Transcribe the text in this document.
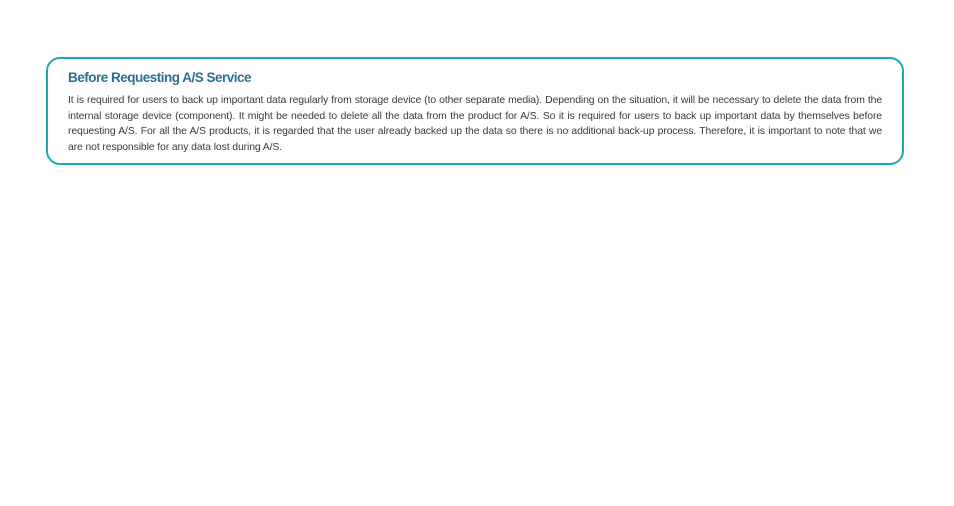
Before Requesting A/S Service

It is required for users to back up important data regularly from storage device (to other separate media). Depending on the situation, it will be necessary to delete the data from the internal storage device (component). It might be needed to delete all the data from the product for A/S. So it is required for users to back up important data by themselves before requesting A/S. For all the A/S products, it is regarded that the user already backed up the data so there is no additional back-up process. Therefore, it is important to note that we are not responsible for any data lost during A/S.
